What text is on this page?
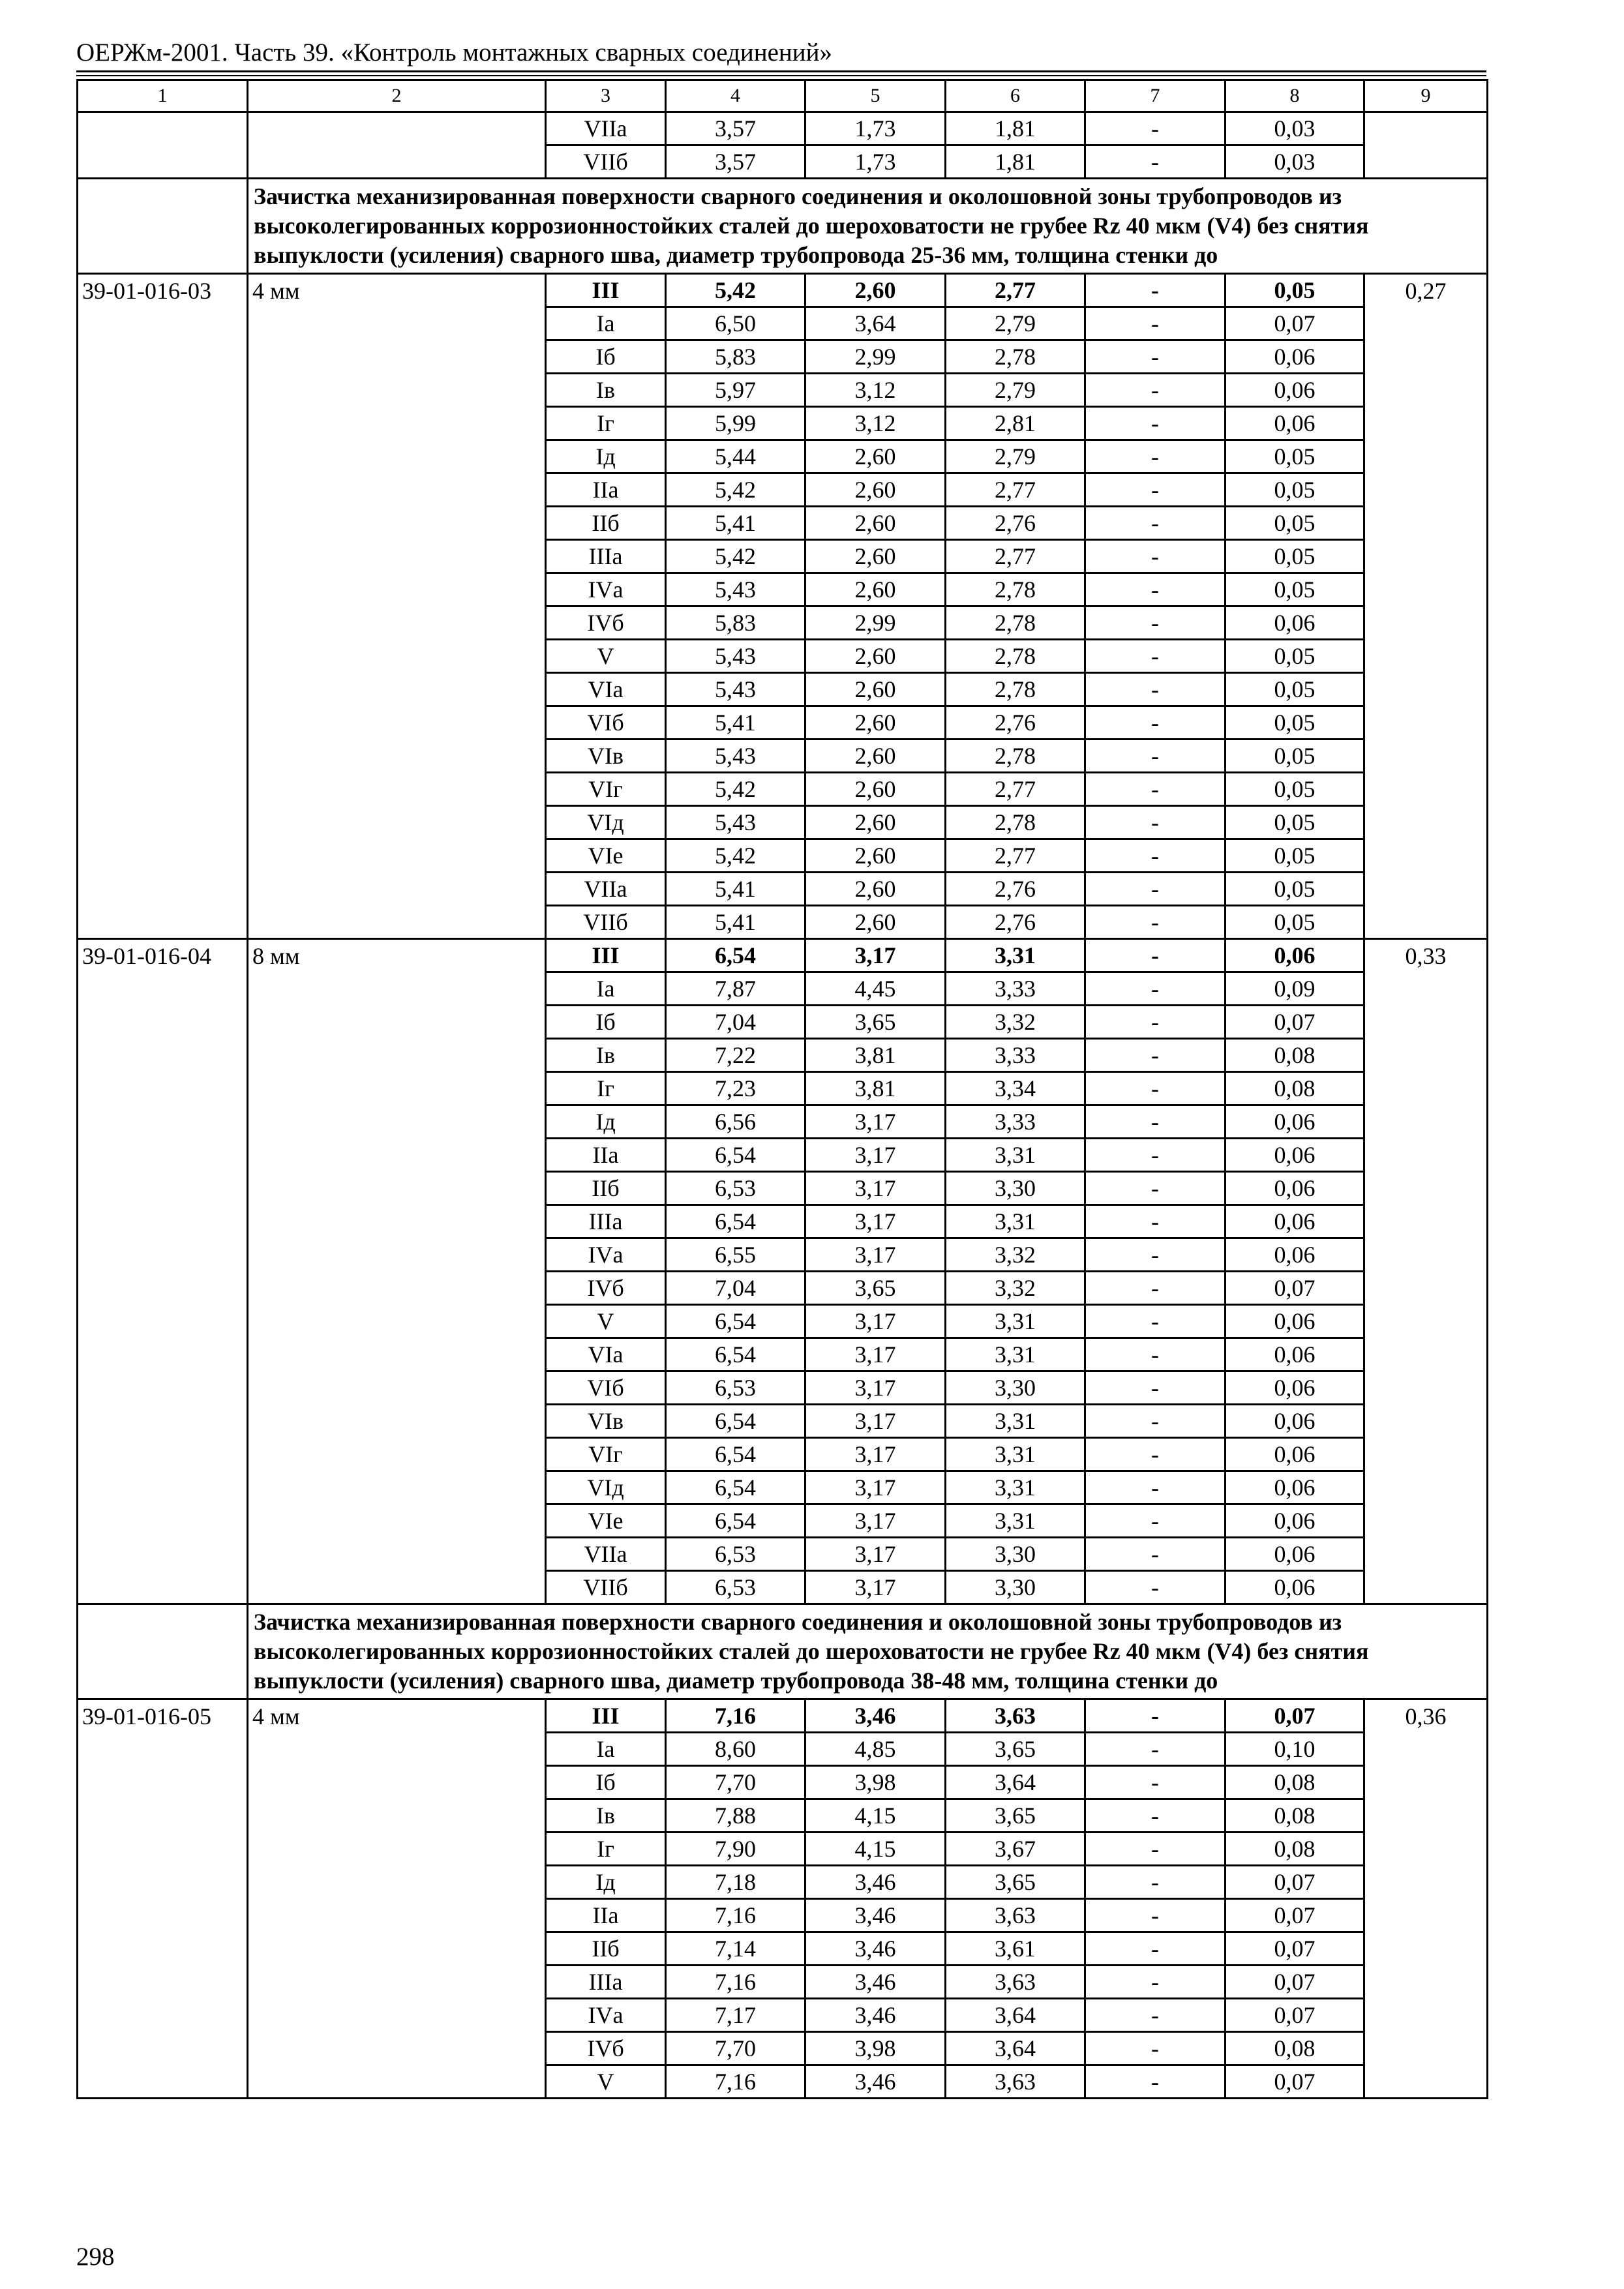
ОЕРЖм-2001. Часть 39. «Контроль монтажных сварных соединений»
1	2	3	4	5	6	7	8	9
		VIIа	3,57	1,73	1,81	-	0,03	
		VIIб	3,57	1,73	1,81	-	0,03	
	Зачистка механизированная поверхности сварного соединения и околошовной зоны трубопроводов из высоколегированных коррозионностойких сталей до шероховатости не грубее Rz 40 мкм (V4) без снятия выпуклости (усиления) сварного шва, диаметр трубопровода 25-36 мм, толщина стенки до							
39-01-016-03	4 мм	III	5,42	2,60	2,77	-	0,05	0,27
		Iа	6,50	3,64	2,79	-	0,07	
		Iб	5,83	2,99	2,78	-	0,06	
		Iв	5,97	3,12	2,79	-	0,06	
		Iг	5,99	3,12	2,81	-	0,06	
		Iд	5,44	2,60	2,79	-	0,05	
		IIа	5,42	2,60	2,77	-	0,05	
		IIб	5,41	2,60	2,76	-	0,05	
		IIIа	5,42	2,60	2,77	-	0,05	
		IVа	5,43	2,60	2,78	-	0,05	
		IVб	5,83	2,99	2,78	-	0,06	
		V	5,43	2,60	2,78	-	0,05	
		VIа	5,43	2,60	2,78	-	0,05	
		VIб	5,41	2,60	2,76	-	0,05	
		VIв	5,43	2,60	2,78	-	0,05	
		VIг	5,42	2,60	2,77	-	0,05	
		VIд	5,43	2,60	2,78	-	0,05	
		VIе	5,42	2,60	2,77	-	0,05	
		VIIа	5,41	2,60	2,76	-	0,05	
		VIIб	5,41	2,60	2,76	-	0,05	
39-01-016-04	8 мм	III	6,54	3,17	3,31	-	0,06	0,33
		Iа	7,87	4,45	3,33	-	0,09	
		Iб	7,04	3,65	3,32	-	0,07	
		Iв	7,22	3,81	3,33	-	0,08	
		Iг	7,23	3,81	3,34	-	0,08	
		Iд	6,56	3,17	3,33	-	0,06	
		IIа	6,54	3,17	3,31	-	0,06	
		IIб	6,53	3,17	3,30	-	0,06	
		IIIа	6,54	3,17	3,31	-	0,06	
		IVа	6,55	3,17	3,32	-	0,06	
		IVб	7,04	3,65	3,32	-	0,07	
		V	6,54	3,17	3,31	-	0,06	
		VIа	6,54	3,17	3,31	-	0,06	
		VIб	6,53	3,17	3,30	-	0,06	
		VIв	6,54	3,17	3,31	-	0,06	
		VIг	6,54	3,17	3,31	-	0,06	
		VIд	6,54	3,17	3,31	-	0,06	
		VIе	6,54	3,17	3,31	-	0,06	
		VIIа	6,53	3,17	3,30	-	0,06	
		VIIб	6,53	3,17	3,30	-	0,06	
	Зачистка механизированная поверхности сварного соединения и околошовной зоны трубопроводов из высоколегированных коррозионностойких сталей до шероховатости не грубее Rz 40 мкм (V4) без снятия выпуклости (усиления) сварного шва, диаметр трубопровода 38-48 мм, толщина стенки до							
39-01-016-05	4 мм	III	7,16	3,46	3,63	-	0,07	0,36
		Iа	8,60	4,85	3,65	-	0,10	
		Iб	7,70	3,98	3,64	-	0,08	
		Iв	7,88	4,15	3,65	-	0,08	
		Iг	7,90	4,15	3,67	-	0,08	
		Iд	7,18	3,46	3,65	-	0,07	
		IIа	7,16	3,46	3,63	-	0,07	
		IIб	7,14	3,46	3,61	-	0,07	
		IIIа	7,16	3,46	3,63	-	0,07	
		IVа	7,17	3,46	3,64	-	0,07	
		IVб	7,70	3,98	3,64	-	0,08	
		V	7,16	3,46	3,63	-	0,07	
298
